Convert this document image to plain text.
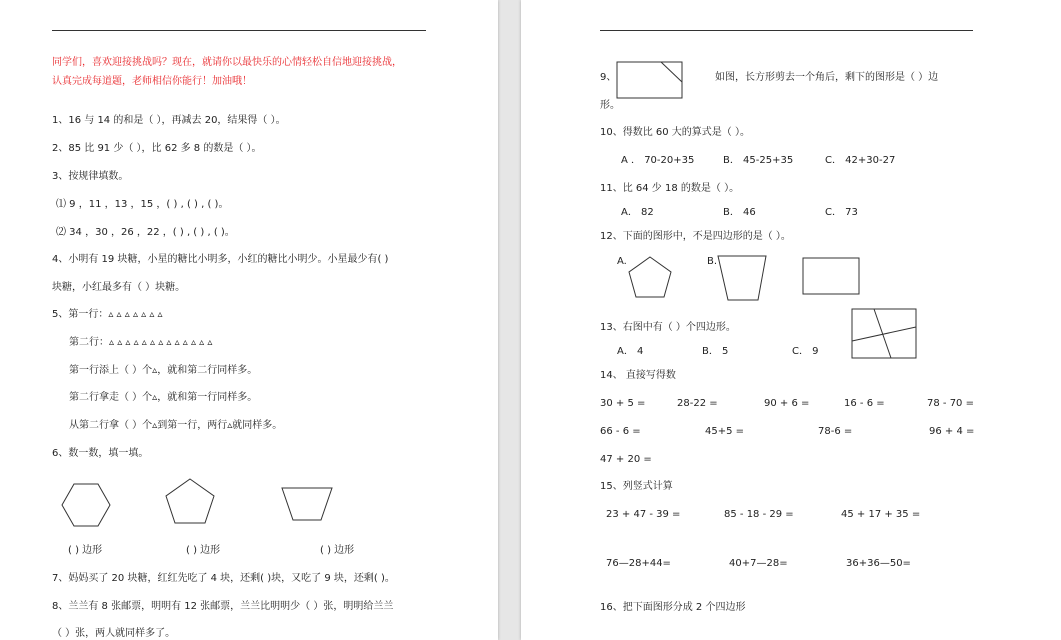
同学们，喜欢迎接挑战吗？现在，就请你以最快乐的心情轻松自信地迎接挑战，
认真完成每道题，老师相信你能行！加油哦！
1、16 与 14 的和是（ ），再减去 20，结果得（ ）。
2、85 比 91 少（ ），比 62 多 8 的数是（ ）。
3、按规律填数。
⑴ 9 ，11 ，13 ，15 ，( ) , ( ) , ( )。
⑵ 34 ，30 ，26 ，22 ，( ) , ( ) , ( )。
4、小明有 19 块糖，小星的糖比小明多，小红的糖比小明少。小星最少有( )
块糖，小红最多有（ ）块糖。
5、第一行：▵ ▵ ▵ ▵ ▵ ▵ ▵
第二行：▵ ▵ ▵ ▵ ▵ ▵ ▵ ▵ ▵ ▵ ▵ ▵ ▵
第一行添上（ ）个▵，就和第二行同样多。
第二行拿走（ ）个▵，就和第一行同样多。
从第二行拿（ ）个▵到第一行，两行▵就同样多。
6、数一数，填一填。
( ) 边形	( ) 边形	( ) 边形
7、妈妈买了 20 块糖，红红先吃了 4 块，还剩( )块，又吃了 9 块，还剩( )。
8、兰兰有 8 张邮票，明明有 12 张邮票，兰兰比明明少（ ）张，明明给兰兰
（ ）张，两人就同样多了。
9、	如图，长方形剪去一个角后，剩下的图形是（ ）边
形。
10、得数比 60 大的算式是（ ）。
A ． 70-20+35	B． 45-25+35	C． 42+30-27
11、比 64 少 18 的数是（ ）。
A． 82	B． 46	C． 73
12、下面的图形中，不是四边形的是（ ）。
A.	B.
13、右图中有（ ）个四边形。
A． 4	B． 5	C． 9
14、 直接写得数
30 + 5 =	28-22 =	90 + 6 =	16 - 6 =	78 - 70 =
66 - 6 =	45+5 =	78-6 =	96 + 4 =
47 + 20 =
15、列竖式计算
23 + 47 - 39 =	85 - 18 - 29 =	45 + 17 + 35 =
76—28+44=	40+7—28=	36+36—50=
16、把下面图形分成 2 个四边形
